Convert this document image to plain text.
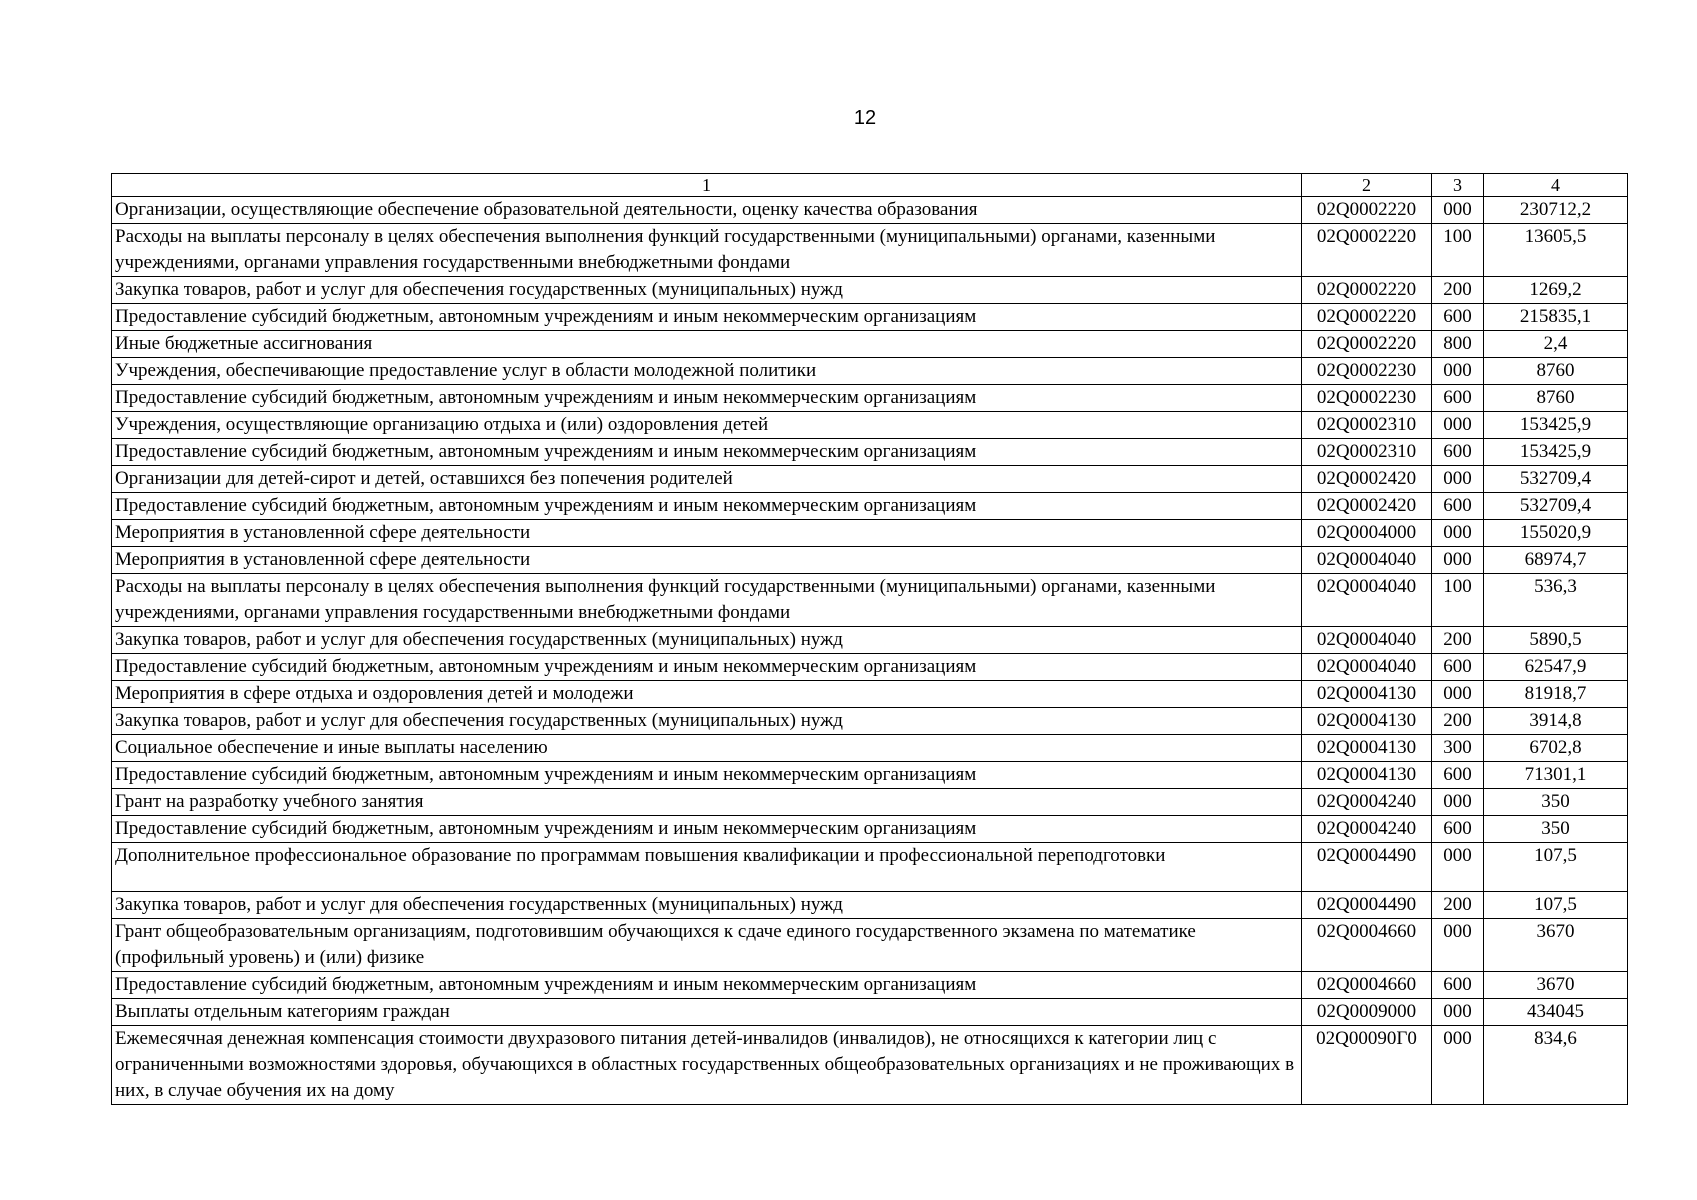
12
1	2	3	4
Организации, осуществляющие обеспечение образовательной деятельности, оценку качества образования	02Q0002220	000	230712,2
Расходы на выплаты персоналу в целях обеспечения выполнения функций государственными (муниципальными) органами, казенными учреждениями, органами управления государственными внебюджетными фондами	02Q0002220	100	13605,5
Закупка товаров, работ и услуг для обеспечения государственных (муниципальных) нужд	02Q0002220	200	1269,2
Предоставление субсидий бюджетным, автономным учреждениям и иным некоммерческим организациям	02Q0002220	600	215835,1
Иные бюджетные ассигнования	02Q0002220	800	2,4
Учреждения, обеспечивающие предоставление услуг в области молодежной политики	02Q0002230	000	8760
Предоставление субсидий бюджетным, автономным учреждениям и иным некоммерческим организациям	02Q0002230	600	8760
Учреждения, осуществляющие организацию отдыха и (или) оздоровления детей	02Q0002310	000	153425,9
Предоставление субсидий бюджетным, автономным учреждениям и иным некоммерческим организациям	02Q0002310	600	153425,9
Организации для детей-сирот и детей, оставшихся без попечения родителей	02Q0002420	000	532709,4
Предоставление субсидий бюджетным, автономным учреждениям и иным некоммерческим организациям	02Q0002420	600	532709,4
Мероприятия в установленной сфере деятельности	02Q0004000	000	155020,9
Мероприятия в установленной сфере деятельности	02Q0004040	000	68974,7
Расходы на выплаты персоналу в целях обеспечения выполнения функций государственными (муниципальными) органами, казенными учреждениями, органами управления государственными внебюджетными фондами	02Q0004040	100	536,3
Закупка товаров, работ и услуг для обеспечения государственных (муниципальных) нужд	02Q0004040	200	5890,5
Предоставление субсидий бюджетным, автономным учреждениям и иным некоммерческим организациям	02Q0004040	600	62547,9
Мероприятия в сфере отдыха и оздоровления детей и молодежи	02Q0004130	000	81918,7
Закупка товаров, работ и услуг для обеспечения государственных (муниципальных) нужд	02Q0004130	200	3914,8
Социальное обеспечение и иные выплаты населению	02Q0004130	300	6702,8
Предоставление субсидий бюджетным, автономным учреждениям и иным некоммерческим организациям	02Q0004130	600	71301,1
Грант на разработку учебного занятия	02Q0004240	000	350
Предоставление субсидий бюджетным, автономным учреждениям и иным некоммерческим организациям	02Q0004240	600	350
Дополнительное профессиональное образование по программам повышения квалификации и профессиональной переподготовки	02Q0004490	000	107,5
Закупка товаров, работ и услуг для обеспечения государственных (муниципальных) нужд	02Q0004490	200	107,5
Грант общеобразовательным организациям, подготовившим обучающихся к сдаче единого государственного экзамена по математике (профильный уровень) и (или) физике	02Q0004660	000	3670
Предоставление субсидий бюджетным, автономным учреждениям и иным некоммерческим организациям	02Q0004660	600	3670
Выплаты отдельным категориям граждан	02Q0009000	000	434045
Ежемесячная денежная компенсация стоимости двухразового питания детей-инвалидов (инвалидов), не относящихся к категории лиц с ограниченными возможностями здоровья, обучающихся в областных государственных общеобразовательных организациях и не проживающих в них, в случае обучения их на дому	02Q00090Г0	000	834,6
